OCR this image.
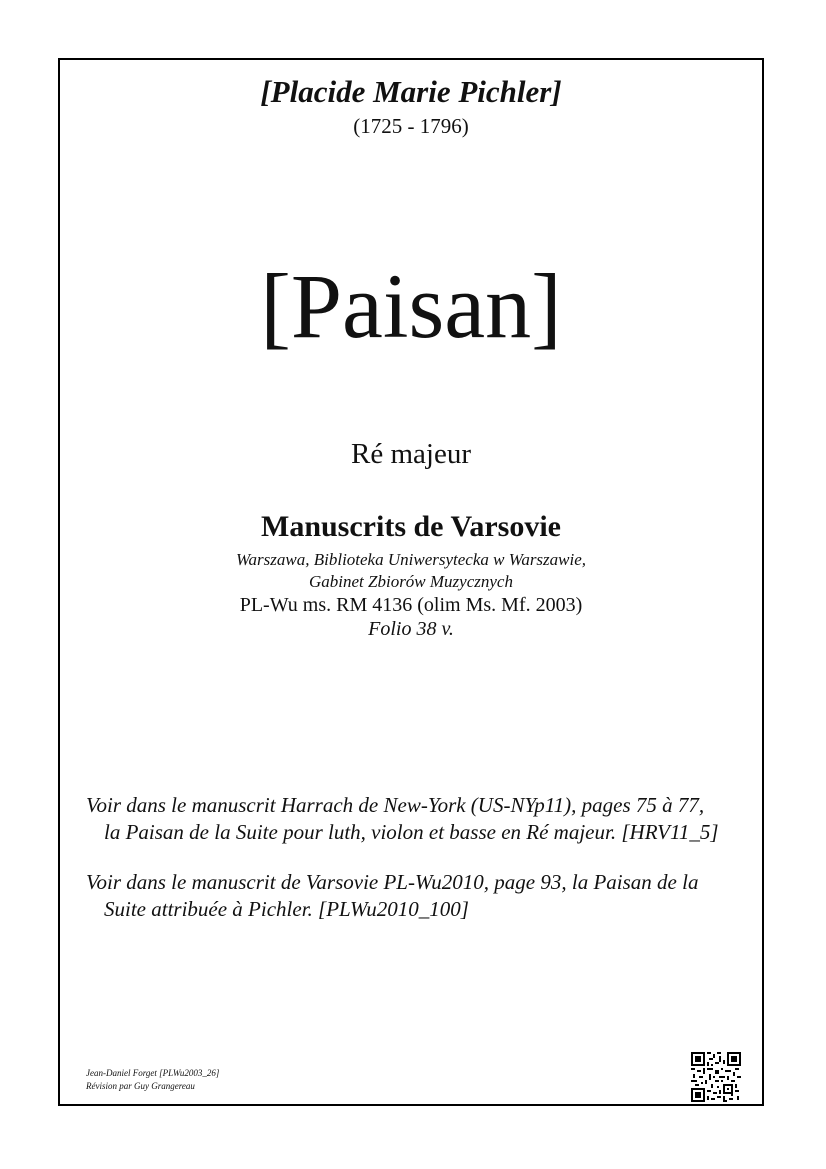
[Placide Marie Pichler]
(1725 - 1796)
[Paisan]
Ré majeur
Manuscrits de Varsovie
Warszawa, Biblioteka Uniwersytecka w Warszawie,
Gabinet Zbiorów Muzycznych
PL-Wu ms. RM 4136 (olim Ms. Mf. 2003)
Folio 38 v.
Voir dans le manuscrit Harrach de New-York (US-NYp11), pages 75 à 77,
la Paisan de la Suite pour luth, violon et basse en Ré majeur. [HRV11_5]
Voir dans le manuscrit de Varsovie PL-Wu2010, page 93, la Paisan de la
Suite attribuée à Pichler. [PLWu2010_100]
Jean-Daniel Forget [PLWu2003_26]
Révision par Guy Grangereau
